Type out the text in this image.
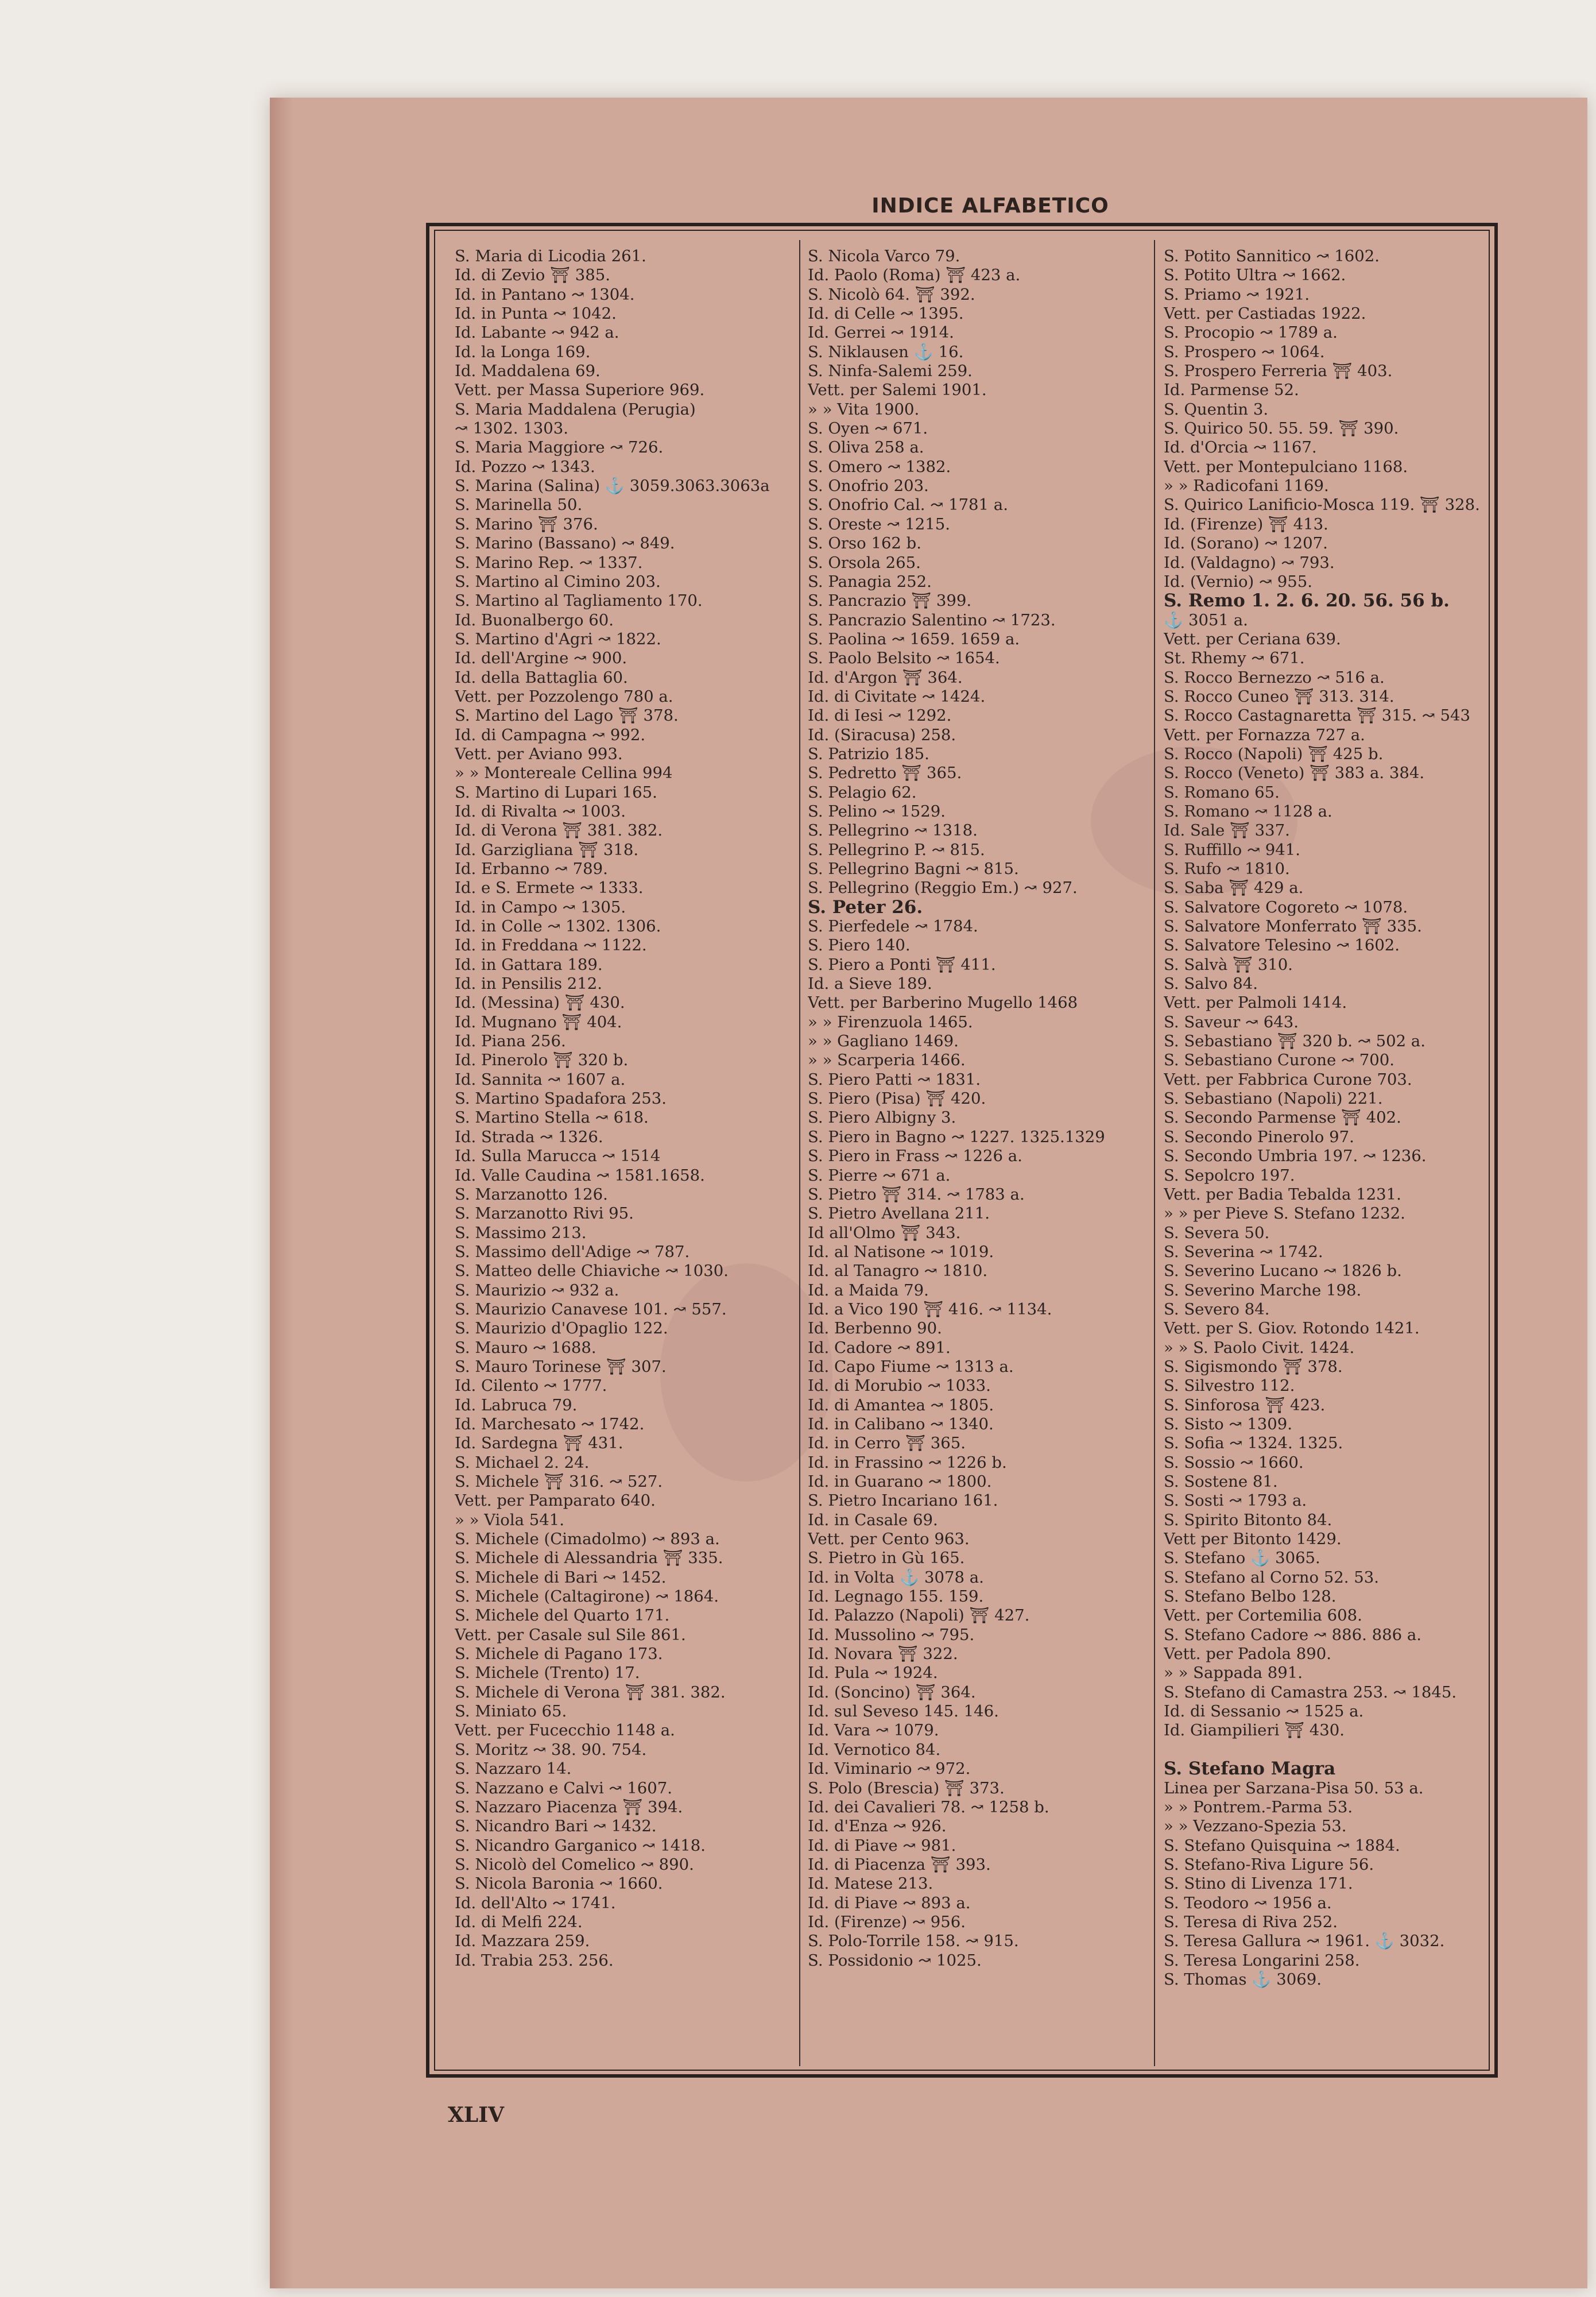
INDICE ALFABETICO
S. Maria di Licodia 261.
Id. di Zevio ⛩ 385.
Id. in Pantano ↝ 1304.
Id. in Punta ↝ 1042.
Id. Labante ↝ 942 a.
Id. la Longa 169.
Id. Maddalena 69.
Vett. per Massa Superiore 969.
S. Maria Maddalena (Perugia)
↝ 1302. 1303.
S. Maria Maggiore ↝ 726.
Id. Pozzo ↝ 1343.
S. Marina (Salina) ⚓ 3059.3063.3063a
S. Marinella 50.
S. Marino ⛩ 376.
S. Marino (Bassano) ↝ 849.
S. Marino Rep. ↝ 1337.
S. Martino al Cimino 203.
S. Martino al Tagliamento 170.
Id. Buonalbergo 60.
S. Martino d'Agri ↝ 1822.
Id. dell'Argine ↝ 900.
Id. della Battaglia 60.
Vett. per Pozzolengo 780 a.
S. Martino del Lago ⛩ 378.
Id. di Campagna ↝ 992.
Vett. per Aviano 993.
» » Montereale Cellina 994
S. Martino di Lupari 165.
Id. di Rivalta ↝ 1003.
Id. di Verona ⛩ 381. 382.
Id. Garzigliana ⛩ 318.
Id. Erbanno ↝ 789.
Id. e S. Ermete ↝ 1333.
Id. in Campo ↝ 1305.
Id. in Colle ↝ 1302. 1306.
Id. in Freddana ↝ 1122.
Id. in Gattara 189.
Id. in Pensilis 212.
Id. (Messina) ⛩ 430.
Id. Mugnano ⛩ 404.
Id. Piana 256.
Id. Pinerolo ⛩ 320 b.
Id. Sannita ↝ 1607 a.
S. Martino Spadafora 253.
S. Martino Stella ↝ 618.
Id. Strada ↝ 1326.
Id. Sulla Marucca ↝ 1514
Id. Valle Caudina ↝ 1581.1658.
S. Marzanotto 126.
S. Marzanotto Rivi 95.
S. Massimo 213.
S. Massimo dell'Adige ↝ 787.
S. Matteo delle Chiaviche ↝ 1030.
S. Maurizio ↝ 932 a.
S. Maurizio Canavese 101. ↝ 557.
S. Maurizio d'Opaglio 122.
S. Mauro ↝ 1688.
S. Mauro Torinese ⛩ 307.
Id. Cilento ↝ 1777.
Id. Labruca 79.
Id. Marchesato ↝ 1742.
Id. Sardegna ⛩ 431.
S. Michael 2. 24.
S. Michele ⛩ 316. ↝ 527.
Vett. per Pamparato 640.
» » Viola 541.
S. Michele (Cimadolmo) ↝ 893 a.
S. Michele di Alessandria ⛩ 335.
S. Michele di Bari ↝ 1452.
S. Michele (Caltagirone) ↝ 1864.
S. Michele del Quarto 171.
Vett. per Casale sul Sile 861.
S. Michele di Pagano 173.
S. Michele (Trento) 17.
S. Michele di Verona ⛩ 381. 382.
S. Miniato 65.
Vett. per Fucecchio 1148 a.
S. Moritz ↝ 38. 90. 754.
S. Nazzaro 14.
S. Nazzano e Calvi ↝ 1607.
S. Nazzaro Piacenza ⛩ 394.
S. Nicandro Bari ↝ 1432.
S. Nicandro Garganico ↝ 1418.
S. Nicolò del Comelico ↝ 890.
S. Nicola Baronia ↝ 1660.
Id. dell'Alto ↝ 1741.
Id. di Melfi 224.
Id. Mazzara 259.
Id. Trabia 253. 256.
S. Nicola Varco 79.
Id. Paolo (Roma) ⛩ 423 a.
S. Nicolò 64. ⛩ 392.
Id. di Celle ↝ 1395.
Id. Gerrei ↝ 1914.
S. Niklausen ⚓ 16.
S. Ninfa-Salemi 259.
Vett. per Salemi 1901.
» » Vita 1900.
S. Oyen ↝ 671.
S. Oliva 258 a.
S. Omero ↝ 1382.
S. Onofrio 203.
S. Onofrio Cal. ↝ 1781 a.
S. Oreste ↝ 1215.
S. Orso 162 b.
S. Orsola 265.
S. Panagia 252.
S. Pancrazio ⛩ 399.
S. Pancrazio Salentino ↝ 1723.
S. Paolina ↝ 1659. 1659 a.
S. Paolo Belsito ↝ 1654.
Id. d'Argon ⛩ 364.
Id. di Civitate ↝ 1424.
Id. di Iesi ↝ 1292.
Id. (Siracusa) 258.
S. Patrizio 185.
S. Pedretto ⛩ 365.
S. Pelagio 62.
S. Pelino ↝ 1529.
S. Pellegrino ↝ 1318.
S. Pellegrino P. ↝ 815.
S. Pellegrino Bagni ↝ 815.
S. Pellegrino (Reggio Em.) ↝ 927.
S. Peter 26.
S. Pierfedele ↝ 1784.
S. Piero 140.
S. Piero a Ponti ⛩ 411.
Id. a Sieve 189.
Vett. per Barberino Mugello 1468
» » Firenzuola 1465.
» » Gagliano 1469.
» » Scarperia 1466.
S. Piero Patti ↝ 1831.
S. Piero (Pisa) ⛩ 420.
S. Piero Albigny 3.
S. Piero in Bagno ↝ 1227. 1325.1329
S. Piero in Frass ↝ 1226 a.
S. Pierre ↝ 671 a.
S. Pietro ⛩ 314. ↝ 1783 a.
S. Pietro Avellana 211.
Id all'Olmo ⛩ 343.
Id. al Natisone ↝ 1019.
Id. al Tanagro ↝ 1810.
Id. a Maida 79.
Id. a Vico 190 ⛩ 416. ↝ 1134.
Id. Berbenno 90.
Id. Cadore ↝ 891.
Id. Capo Fiume ↝ 1313 a.
Id. di Morubio ↝ 1033.
Id. di Amantea ↝ 1805.
Id. in Calibano ↝ 1340.
Id. in Cerro ⛩ 365.
Id. in Frassino ↝ 1226 b.
Id. in Guarano ↝ 1800.
S. Pietro Incariano 161.
Id. in Casale 69.
Vett. per Cento 963.
S. Pietro in Gù 165.
Id. in Volta ⚓ 3078 a.
Id. Legnago 155. 159.
Id. Palazzo (Napoli) ⛩ 427.
Id. Mussolino ↝ 795.
Id. Novara ⛩ 322.
Id. Pula ↝ 1924.
Id. (Soncino) ⛩ 364.
Id. sul Seveso 145. 146.
Id. Vara ↝ 1079.
Id. Vernotico 84.
Id. Viminario ↝ 972.
S. Polo (Brescia) ⛩ 373.
Id. dei Cavalieri 78. ↝ 1258 b.
Id. d'Enza ↝ 926.
Id. di Piave ↝ 981.
Id. di Piacenza ⛩ 393.
Id. Matese 213.
Id. di Piave ↝ 893 a.
Id. (Firenze) ↝ 956.
S. Polo-Torrile 158. ↝ 915.
S. Possidonio ↝ 1025.
S. Potito Sannitico ↝ 1602.
S. Potito Ultra ↝ 1662.
S. Priamo ↝ 1921.
Vett. per Castiadas 1922.
S. Procopio ↝ 1789 a.
S. Prospero ↝ 1064.
S. Prospero Ferreria ⛩ 403.
Id. Parmense 52.
S. Quentin 3.
S. Quirico 50. 55. 59. ⛩ 390.
Id. d'Orcia ↝ 1167.
Vett. per Montepulciano 1168.
» » Radicofani 1169.
S. Quirico Lanificio-Mosca 119. ⛩ 328.
Id. (Firenze) ⛩ 413.
Id. (Sorano) ↝ 1207.
Id. (Valdagno) ↝ 793.
Id. (Vernio) ↝ 955.
S. Remo 1. 2. 6. 20. 56. 56 b.
⚓ 3051 a.
Vett. per Ceriana 639.
St. Rhemy ↝ 671.
S. Rocco Bernezzo ↝ 516 a.
S. Rocco Cuneo ⛩ 313. 314.
S. Rocco Castagnaretta ⛩ 315. ↝ 543
Vett. per Fornazza 727 a.
S. Rocco (Napoli) ⛩ 425 b.
S. Rocco (Veneto) ⛩ 383 a. 384.
S. Romano 65.
S. Romano ↝ 1128 a.
Id. Sale ⛩ 337.
S. Ruffillo ↝ 941.
S. Rufo ↝ 1810.
S. Saba ⛩ 429 a.
S. Salvatore Cogoreto ↝ 1078.
S. Salvatore Monferrato ⛩ 335.
S. Salvatore Telesino ↝ 1602.
S. Salvà ⛩ 310.
S. Salvo 84.
Vett. per Palmoli 1414.
S. Saveur ↝ 643.
S. Sebastiano ⛩ 320 b. ↝ 502 a.
S. Sebastiano Curone ↝ 700.
Vett. per Fabbrica Curone 703.
S. Sebastiano (Napoli) 221.
S. Secondo Parmense ⛩ 402.
S. Secondo Pinerolo 97.
S. Secondo Umbria 197. ↝ 1236.
S. Sepolcro 197.
Vett. per Badia Tebalda 1231.
» » per Pieve S. Stefano 1232.
S. Severa 50.
S. Severina ↝ 1742.
S. Severino Lucano ↝ 1826 b.
S. Severino Marche 198.
S. Severo 84.
Vett. per S. Giov. Rotondo 1421.
» » S. Paolo Civit. 1424.
S. Sigismondo ⛩ 378.
S. Silvestro 112.
S. Sinforosa ⛩ 423.
S. Sisto ↝ 1309.
S. Sofia ↝ 1324. 1325.
S. Sossio ↝ 1660.
S. Sostene 81.
S. Sosti ↝ 1793 a.
S. Spirito Bitonto 84.
Vett per Bitonto 1429.
S. Stefano ⚓ 3065.
S. Stefano al Corno 52. 53.
S. Stefano Belbo 128.
Vett. per Cortemilia 608.
S. Stefano Cadore ↝ 886. 886 a.
Vett. per Padola 890.
» » Sappada 891.
S. Stefano di Camastra 253. ↝ 1845.
Id. di Sessanio ↝ 1525 a.
Id. Giampilieri ⛩ 430.
S. Stefano Magra
Linea per Sarzana-Pisa 50. 53 a.
» » Pontrem.-Parma 53.
» » Vezzano-Spezia 53.
S. Stefano Quisquina ↝ 1884.
S. Stefano-Riva Ligure 56.
S. Stino di Livenza 171.
S. Teodoro ↝ 1956 a.
S. Teresa di Riva 252.
S. Teresa Gallura ↝ 1961. ⚓ 3032.
S. Teresa Longarini 258.
S. Thomas ⚓ 3069.
XLIV
